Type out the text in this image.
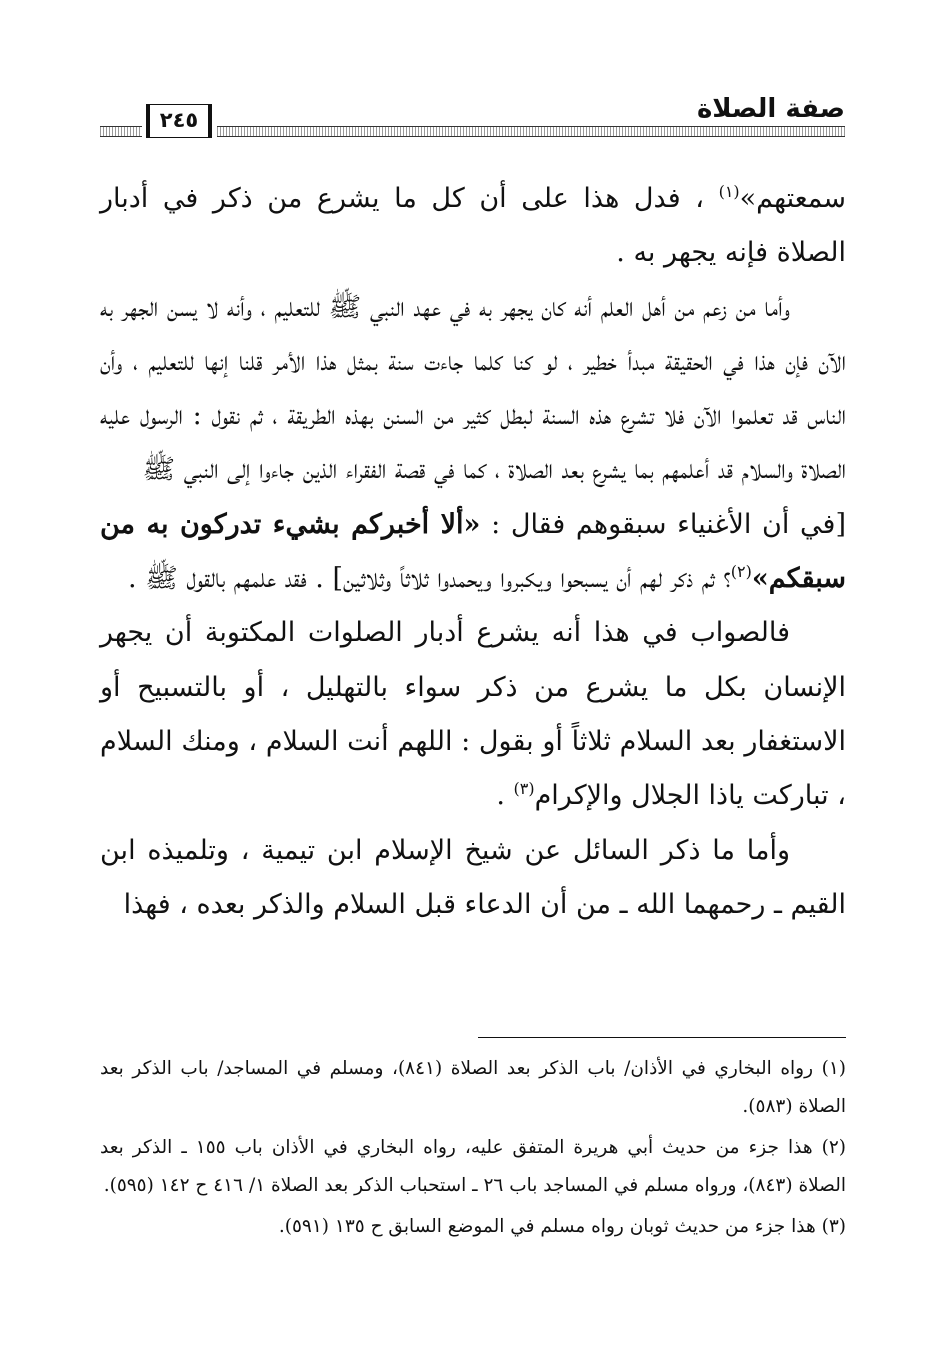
٢٤٥	صفة الصلاة

سمعتهم»$^{(١)}$ ، فدل هذا على أن كل ما يشرع من ذكر في أدبار الصلاة فإنه يجهر به .

وأما من زعم من أهل العلم أنه كان يجهر به في عهد النبي ﷺ للتعليم ، وأنه لا يسن الجهر به الآن فإن هذا في الحقيقة مبدأ خطير ، لو كنا كلما جاءت سنة بمثل هذا الأمر قلنا إنها للتعليم ، وأن الناس قد تعلموا الآن فلا تشرع هذه السنة لبطل كثير من السنن بهذه الطريقة ، ثم نقول : الرسول عليه الصلاة والسلام قد أعلمهم بما يشرع بعد الصلاة ، كما في قصة الفقراء الذين جاءوا إلى النبي ﷺ

[في أن الأغنياء سبقوهم فقال : «ألا أخبركم بشيء تدركون به من سبقكم»$^{(٢)}$؟ ثم ذكر لهم أن يسبحوا ويكبروا ويحمدوا ثلاثاً وثلاثين] . فقد علمهم بالقول ﷺ .

فالصواب في هذا أنه يشرع أدبار الصلوات المكتوبة أن يجهر الإنسان بكل ما يشرع من ذكر سواء بالتهليل ، أو بالتسبيح أو الاستغفار بعد السلام ثلاثاً أو بقول : اللهم أنت السلام ، ومنك السلام ، تباركت ياذا الجلال والإكرام$^{(٣)}$ .

وأما ما ذكر السائل عن شيخ الإسلام ابن تيمية ، وتلميذه ابن القيم ـ رحمهما الله ـ من أن الدعاء قبل السلام والذكر بعده ، فهذا

(١) رواه البخاري في الأذان/ باب الذكر بعد الصلاة (٨٤١)، ومسلم في المساجد/ باب الذكر بعد الصلاة (٥٨٣).

(٢) هذا جزء من حديث أبي هريرة المتفق عليه، رواه البخاري في الأذان باب ١٥٥ ـ الذكر بعد الصلاة (٨٤٣)، ورواه مسلم في المساجد باب ٢٦ ـ استحباب الذكر بعد الصلاة ١/ ٤١٦ ح ١٤٢ (٥٩٥).

(٣) هذا جزء من حديث ثوبان رواه مسلم في الموضع السابق ح ١٣٥ (٥٩١).
